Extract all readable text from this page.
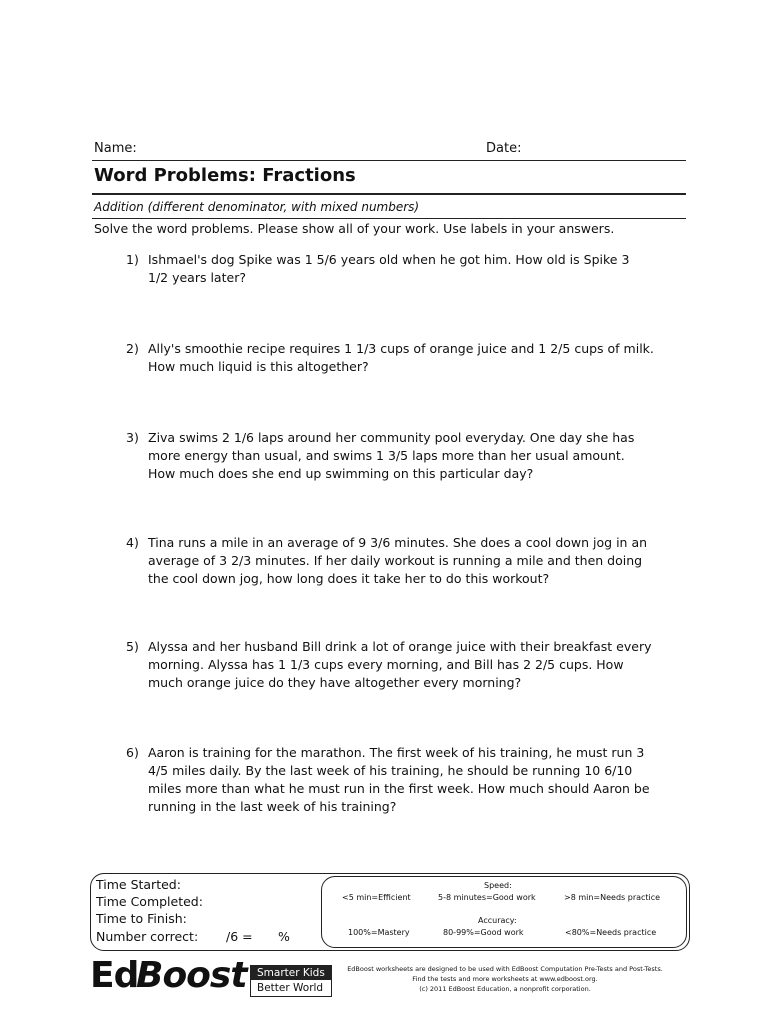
Name:	Date:
Word Problems: Fractions
Addition (different denominator, with mixed numbers)
Solve the word problems. Please show all of your work. Use labels in your answers.
1) Ishmael's dog Spike was 1 5/6 years old when he got him. How old is Spike 3 1/2 years later?
2) Ally's smoothie recipe requires 1 1/3 cups of orange juice and 1 2/5 cups of milk. How much liquid is this altogether?
3) Ziva swims 2 1/6 laps around her community pool everyday. One day she has more energy than usual, and swims 1 3/5 laps more than her usual amount. How much does she end up swimming on this particular day?
4) Tina runs a mile in an average of 9 3/6 minutes. She does a cool down jog in an average of 3 2/3 minutes. If her daily workout is running a mile and then doing the cool down jog, how long does it take her to do this workout?
5) Alyssa and her husband Bill drink a lot of orange juice with their breakfast every morning. Alyssa has 1 1/3 cups every morning, and Bill has 2 2/5 cups. How much orange juice do they have altogether every morning?
6) Aaron is training for the marathon. The first week of his training, he must run 3 4/5 miles daily. By the last week of his training, he should be running 10 6/10 miles more than what he must run in the first week. How much should Aaron be running in the last week of his training?
Time Started:
Time Completed:
Time to Finish:
Number correct: /6 = %
Speed:
<5 min=Efficient	5-8 minutes=Good work	>8 min=Needs practice
Accuracy:
100%=Mastery	80-99%=Good work	<80%=Needs practice
Ed
Boost Smarter Kids
Better World
EdBoost worksheets are designed to be used with EdBoost Computation Pre-Tests and Post-Tests.
Find the tests and more worksheets at www.edboost.org.
(c) 2011 EdBoost Education, a nonprofit corporation.
